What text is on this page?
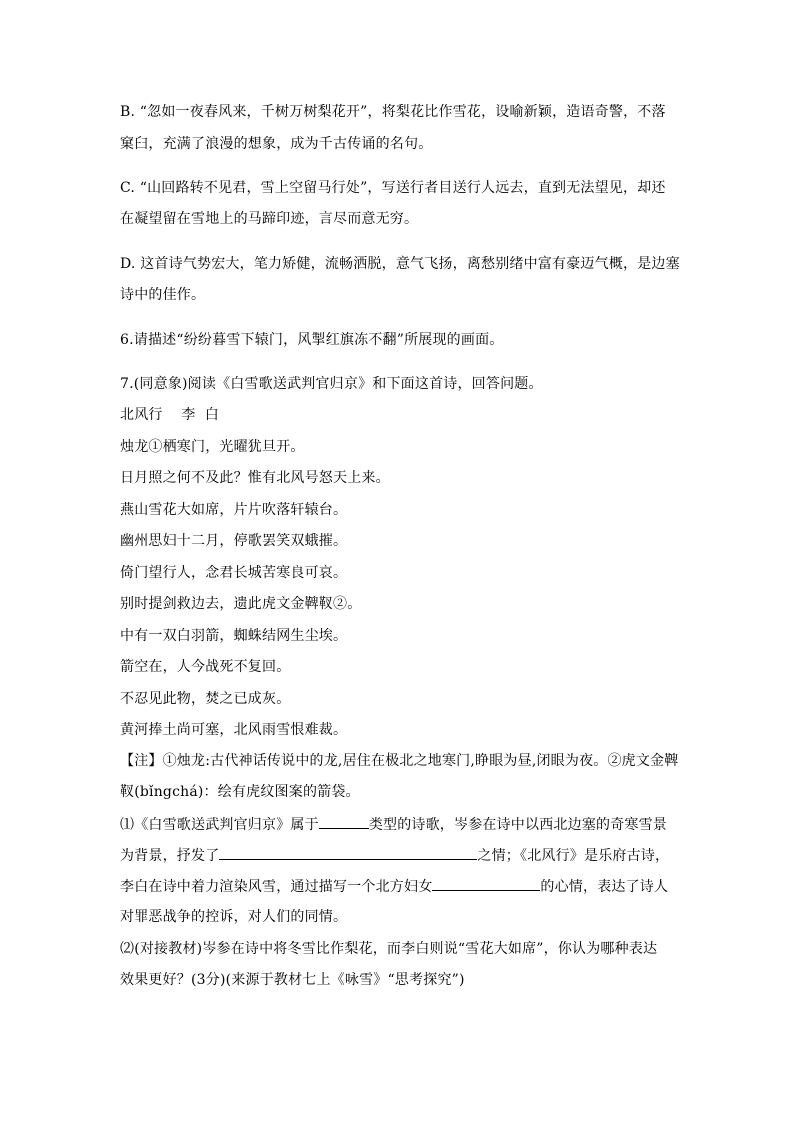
B. “忽如一夜春风来，千树万树梨花开”，将梨花比作雪花，设喻新颖，造语奇警，不落
窠臼，充满了浪漫的想象，成为千古传诵的名句。
C. “山回路转不见君，雪上空留马行处”，写送行者目送行人远去，直到无法望见，却还
在凝望留在雪地上的马蹄印迹，言尽而意无穷。
D. 这首诗气势宏大，笔力矫健，流畅洒脱，意气飞扬，离愁别绪中富有豪迈气概，是边塞
诗中的佳作。
6.请描述“纷纷暮雪下辕门，风掣红旗冻不翻”所展现的画面。
7.(同意象)阅读《白雪歌送武判官归京》和下面这首诗，回答问题。
北风行    李  白
烛龙①栖寒门，光曜犹旦开。
日月照之何不及此？惟有北风号怒天上来。
燕山雪花大如席，片片吹落轩辕台。
幽州思妇十二月，停歌罢笑双蛾摧。
倚门望行人，念君长城苦寒良可哀。
别时提剑救边去，遗此虎文金鞞靫②。
中有一双白羽箭，蜘蛛结网生尘埃。
箭空在，人今战死不复回。
不忍见此物，焚之已成灰。
黄河捧土尚可塞，北风雨雪恨难裁。
【注】①烛龙:古代神话传说中的龙,居住在极北之地寒门,睁眼为昼,闭眼为夜。②虎文金鞞
靫(bǐngchá)：绘有虎纹图案的箭袋。
⑴《白雪歌送武判官归京》属于	类型的诗歌，岑参在诗中以西北边塞的奇寒雪景
为背景，抒发了	之情；《北风行》是乐府古诗，
李白在诗中着力渲染风雪，通过描写一个北方妇女	的心情，表达了诗人
对罪恶战争的控诉，对人们的同情。
⑵(对接教材)岑参在诗中将冬雪比作梨花，而李白则说“雪花大如席”，你认为哪种表达
效果更好？(3分)(来源于教材七上《咏雪》“思考探究”)
